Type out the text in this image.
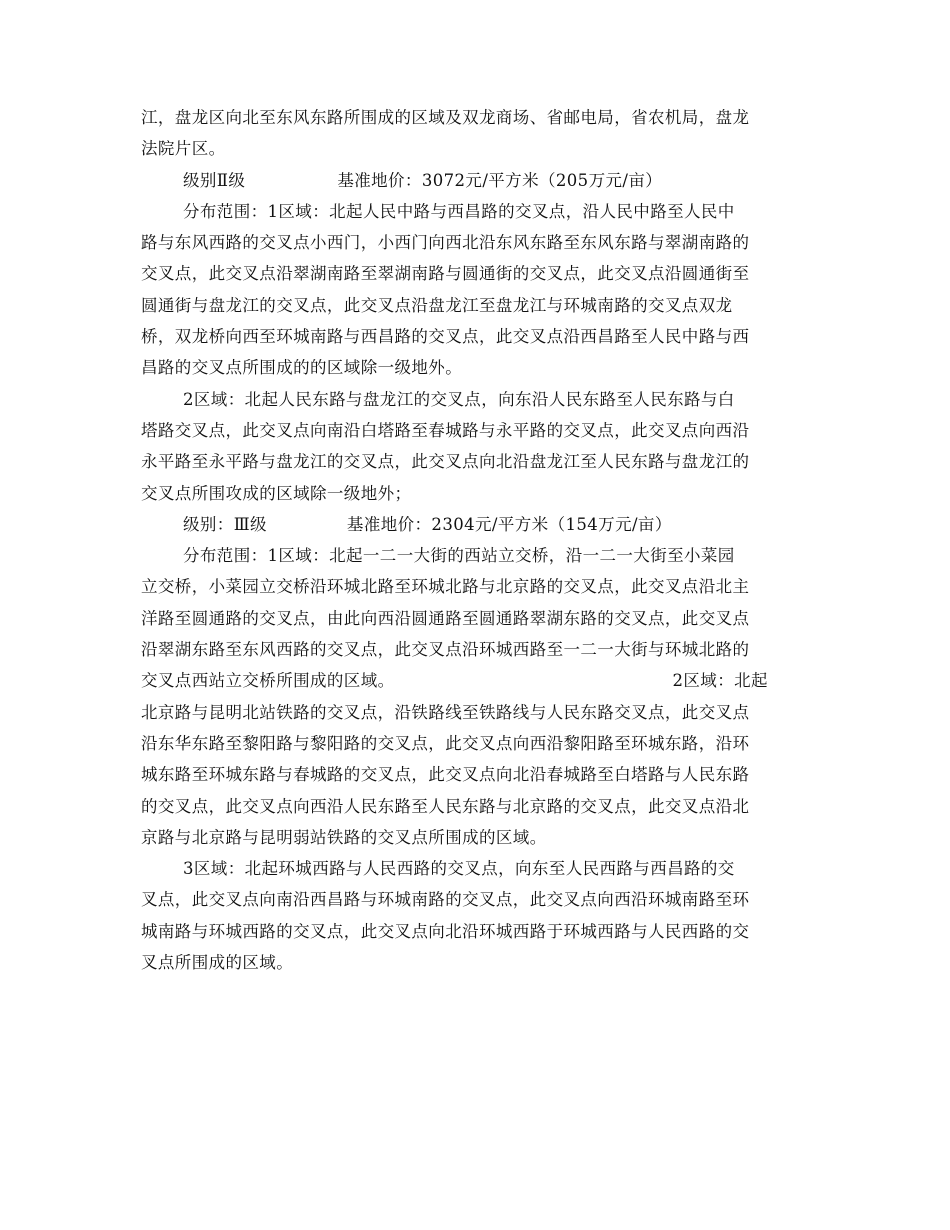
江，盘龙区向北至东风东路所围成的区域及双龙商场、省邮电局，省农机局，盘龙
法院片区。
级别Ⅱ级	基准地价：3072元/平方米（205万元/亩）
分布范围：1区域：北起人民中路与西昌路的交叉点，沿人民中路至人民中
路与东风西路的交叉点小西门，小西门向西北沿东风东路至东风东路与翠湖南路的
交叉点，此交叉点沿翠湖南路至翠湖南路与圆通街的交叉点，此交叉点沿圆通街至
圆通街与盘龙江的交叉点，此交叉点沿盘龙江至盘龙江与环城南路的交叉点双龙
桥，双龙桥向西至环城南路与西昌路的交叉点，此交叉点沿西昌路至人民中路与西
昌路的交叉点所围成的的区域除一级地外。
2区域：北起人民东路与盘龙江的交叉点，向东沿人民东路至人民东路与白
塔路交叉点，此交叉点向南沿白塔路至春城路与永平路的交叉点，此交叉点向西沿
永平路至永平路与盘龙江的交叉点，此交叉点向北沿盘龙江至人民东路与盘龙江的
交叉点所围攻成的区域除一级地外；
级别：Ⅲ级	基准地价：2304元/平方米（154万元/亩）
分布范围：1区域：北起一二一大街的西站立交桥，沿一二一大街至小菜园
立交桥，小菜园立交桥沿环城北路至环城北路与北京路的交叉点，此交叉点沿北主
洋路至圆通路的交叉点，由此向西沿圆通路至圆通路翠湖东路的交叉点，此交叉点
沿翠湖东路至东风西路的交叉点，此交叉点沿环城西路至一二一大街与环城北路的
交叉点西站立交桥所围成的区域。	2区域：北起
北京路与昆明北站铁路的交叉点，沿铁路线至铁路线与人民东路交叉点，此交叉点
沿东华东路至黎阳路与黎阳路的交叉点，此交叉点向西沿黎阳路至环城东路，沿环
城东路至环城东路与春城路的交叉点，此交叉点向北沿春城路至白塔路与人民东路
的交叉点，此交叉点向西沿人民东路至人民东路与北京路的交叉点，此交叉点沿北
京路与北京路与昆明弱站铁路的交叉点所围成的区域。
3区域：北起环城西路与人民西路的交叉点，向东至人民西路与西昌路的交
叉点，此交叉点向南沿西昌路与环城南路的交叉点，此交叉点向西沿环城南路至环
城南路与环城西路的交叉点，此交叉点向北沿环城西路于环城西路与人民西路的交
叉点所围成的区域。
